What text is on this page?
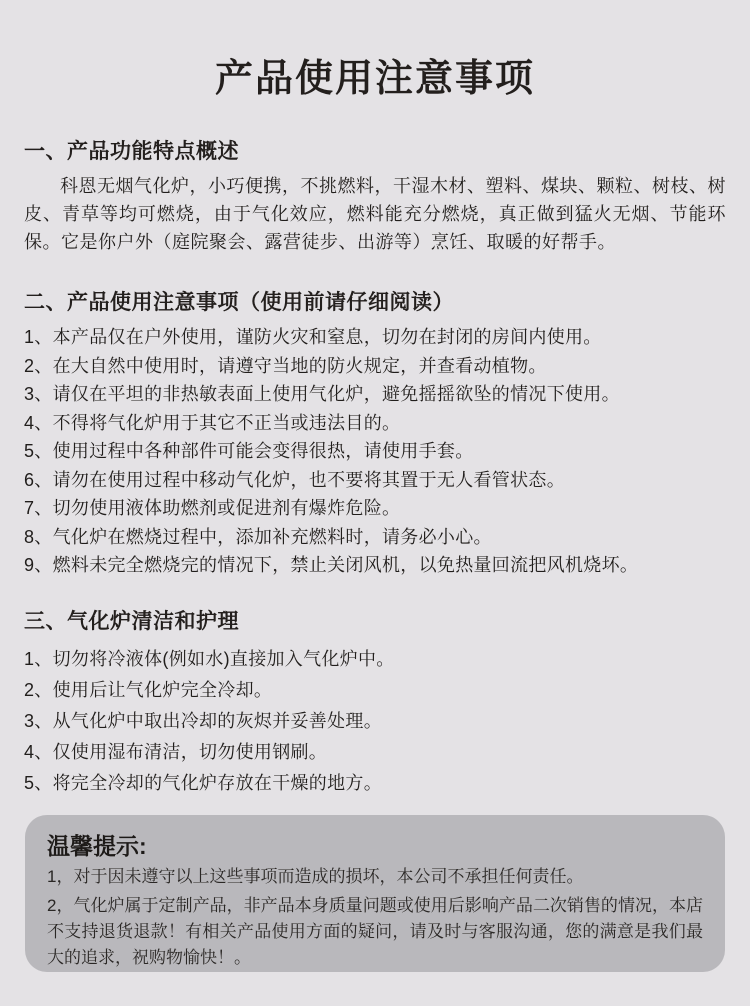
产品使用注意事项
一、产品功能特点概述

科恩无烟气化炉，小巧便携，不挑燃料，干湿木材、塑料、煤块、颗粒、树枝、树皮、青草等均可燃烧，由于气化效应，燃料能充分燃烧，真正做到猛火无烟、节能环保。它是你户外（庭院聚会、露营徒步、出游等）烹饪、取暖的好帮手。

二、产品使用注意事项（使用前请仔细阅读）

1、本产品仅在户外使用，谨防火灾和窒息，切勿在封闭的房间内使用。

2、在大自然中使用时，请遵守当地的防火规定，并查看动植物。

3、请仅在平坦的非热敏表面上使用气化炉，避免摇摇欲坠的情况下使用。

4、不得将气化炉用于其它不正当或违法目的。

5、使用过程中各种部件可能会变得很热，请使用手套。

6、请勿在使用过程中移动气化炉，也不要将其置于无人看管状态。

7、切勿使用液体助燃剂或促进剂有爆炸危险。

8、气化炉在燃烧过程中，添加补充燃料时，请务必小心。

9、燃料未完全燃烧完的情况下，禁止关闭风机，以免热量回流把风机烧坏。

三、气化炉清洁和护理

1、切勿将冷液体(例如水)直接加入气化炉中。

2、使用后让气化炉完全冷却。

3、从气化炉中取出冷却的灰烬并妥善处理。

4、仅使用湿布清洁，切勿使用钢刷。

5、将完全冷却的气化炉存放在干燥的地方。

温馨提示:

1，对于因未遵守以上这些事项而造成的损坏，本公司不承担任何责任。

2，气化炉属于定制产品，非产品本身质量问题或使用后影响产品二次销售的情况，本店不支持退货退款！有相关产品使用方面的疑问，请及时与客服沟通，您的满意是我们最大的追求，祝购物愉快！。
